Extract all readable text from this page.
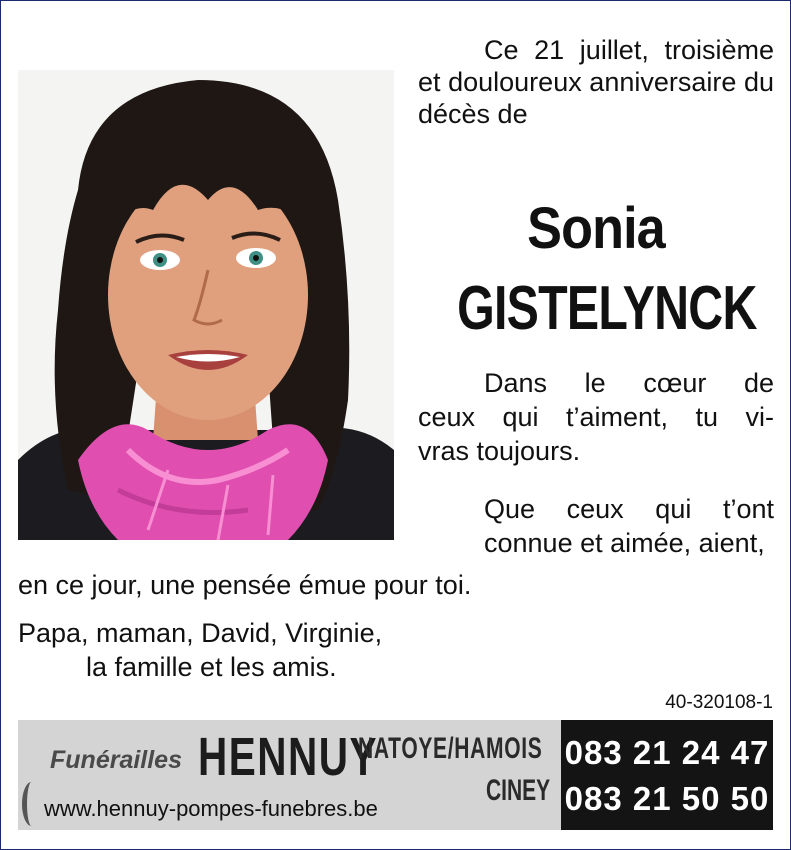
Ce 21 juillet, troisième et douloureux anniversaire du décès de

Sonia
GISTELYNCK
Dans le cœur de
ceux qui t’aiment, tu vi-
vras toujours.
Que ceux qui t’ont connue et aimée, aient,
en ce jour, une pensée émue pour toi.
Papa, maman, David, Virginie,
la famille et les amis.
40-320108-1
Funérailles HENNUY
NATOYE/HAMOIS
CINEY
www.hennuy-pompes-funebres.be
083 21 24 47
083 21 50 50
